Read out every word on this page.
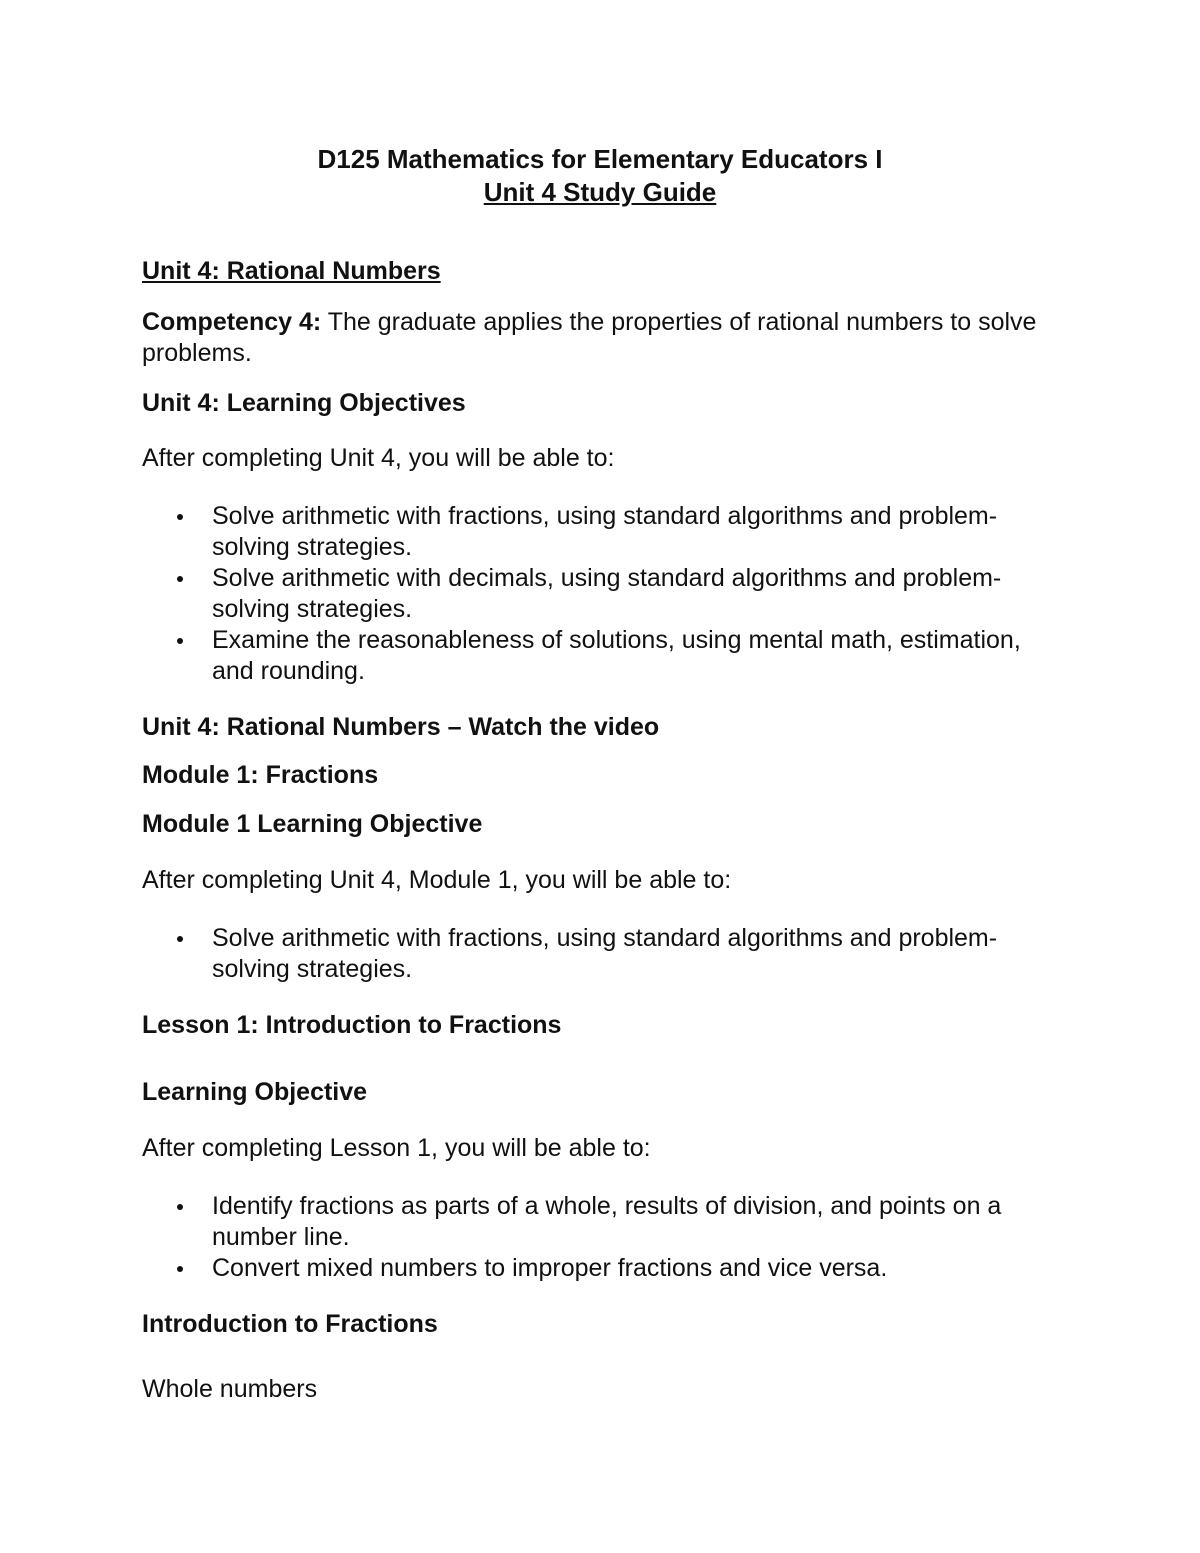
D125 Mathematics for Elementary Educators I

Unit 4 Study Guide

Unit 4: Rational Numbers

Competency 4: The graduate applies the properties of rational numbers to solve problems.

Unit 4: Learning Objectives

After completing Unit 4, you will be able to:

Solve arithmetic with fractions, using standard algorithms and problem-solving strategies.
Solve arithmetic with decimals, using standard algorithms and problem-solving strategies.
Examine the reasonableness of solutions, using mental math, estimation, and rounding.

Unit 4: Rational Numbers – Watch the video

Module 1: Fractions

Module 1 Learning Objective

After completing Unit 4, Module 1, you will be able to:

Solve arithmetic with fractions, using standard algorithms and problem-solving strategies.

Lesson 1: Introduction to Fractions

Learning Objective

After completing Lesson 1, you will be able to:

Identify fractions as parts of a whole, results of division, and points on a number line.
Convert mixed numbers to improper fractions and vice versa.

Introduction to Fractions

Whole numbers
